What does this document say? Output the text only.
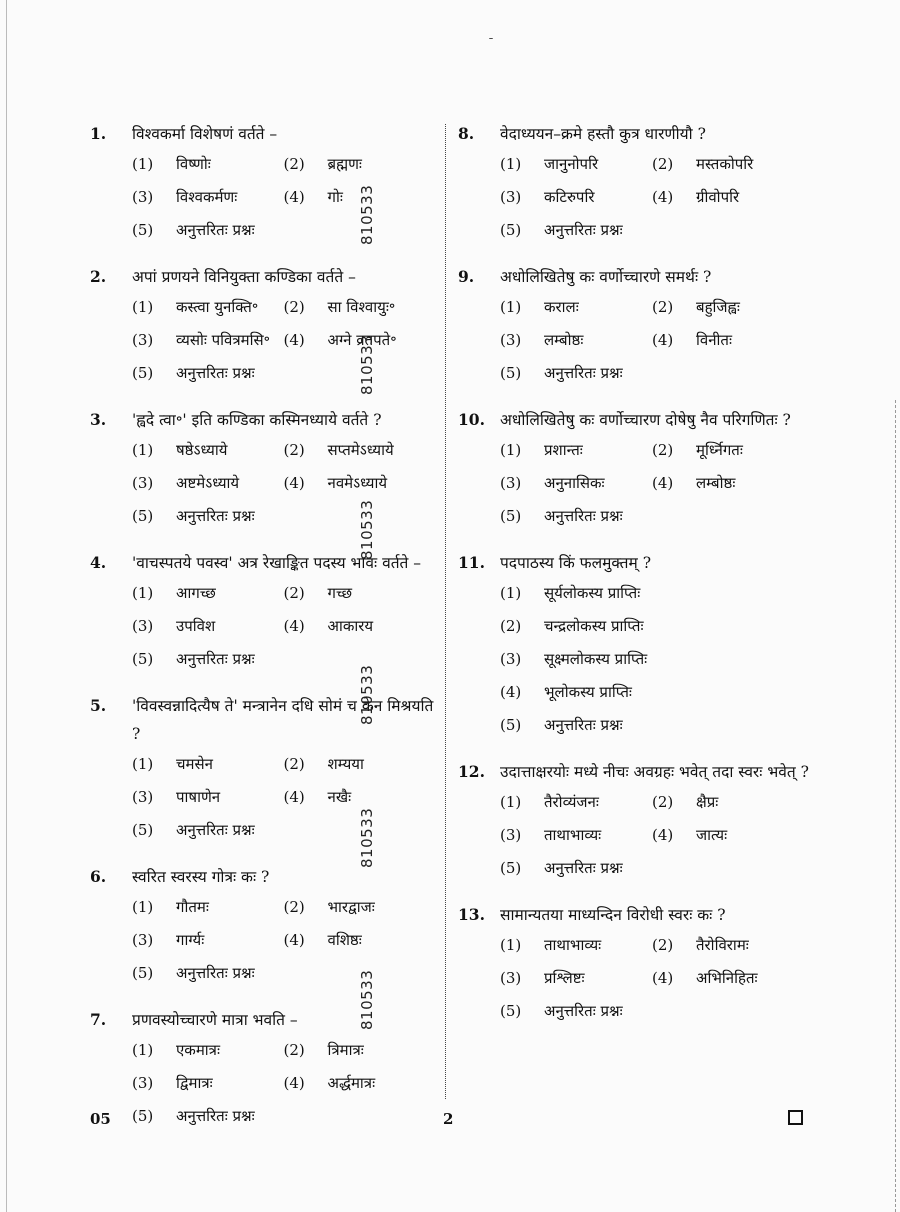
1.	विश्वकर्मा विशेषणं वर्तते –
(1)	विष्णोः	(2)	ब्रह्मणः
(3)	विश्वकर्मणः	(4)	गोः
(5)	अनुत्तरितः प्रश्नः
2.	अपां प्रणयने विनियुक्ता कण्डिका वर्तते –
(1)	कस्त्वा युनक्ति॰	(2)	सा विश्वायुः॰
(3)	व्यसोः पवित्रमसि॰ (4)	अग्ने व्रतपते॰
(5)	अनुत्तरितः प्रश्नः
3.	'ह्वदे त्वा॰' इति कण्डिका कस्मिनध्याये वर्तते ?
(1)	षष्ठेऽध्याये	(2)	सप्तमेऽध्याये
(3)	अष्टमेऽध्याये	(4)	नवमेऽध्याये
(5)	अनुत्तरितः प्रश्नः
4.	'वाचस्पतये पवस्व' अत्र रेखाङ्कित पदस्य भावः वर्तते –
(1)	आगच्छ	(2)	गच्छ
(3)	उपविश	(4)	आकारय
(5)	अनुत्तरितः प्रश्नः
5.	'विवस्वन्नादित्यैष ते' मन्त्रानेन दधि सोमं च केन मिश्रयति ?
(1)	चमसेन	(2)	शम्यया
(3)	पाषाणेन	(4)	नखैः
(5)	अनुत्तरितः प्रश्नः
6.	स्वरित स्वरस्य गोत्रः कः ?
(1)	गौतमः	(2)	भारद्वाजः
(3)	गार्ग्यः	(4)	वशिष्ठः
(5)	अनुत्तरितः प्रश्नः
7.	प्रणवस्योच्चारणे मात्रा भवति –
(1)	एकमात्रः	(2)	त्रिमात्रः
(3)	द्विमात्रः	(4)	अर्द्धमात्रः
(5)	अनुत्तरितः प्रश्नः
8.	वेदाध्ययन–क्रमे हस्तौ कुत्र धारणीयौ ?
(1)	जानुनोपरि	(2)	मस्तकोपरि
(3)	कटिरुपरि	(4)	ग्रीवोपरि
(5)	अनुत्तरितः प्रश्नः
9.	अधोलिखितेषु कः वर्णोच्चारणे समर्थः ?
(1)	करालः	(2)	बहुजिह्वः
(3)	लम्बोष्ठः	(4)	विनीतः
(5)	अनुत्तरितः प्रश्नः
10. अधोलिखितेषु कः वर्णोच्चारण दोषेषु नैव परिगणितः ?
(1)	प्रशान्तः	(2)	मूर्ध्निगतः
(3)	अनुनासिकः	(4)	लम्बोष्ठः
(5)	अनुत्तरितः प्रश्नः
11. पदपाठस्य किं फलमुक्तम् ?
(1)	सूर्यलोकस्य प्राप्तिः
(2)	चन्द्रलोकस्य प्राप्तिः
(3)	सूक्ष्मलोकस्य प्राप्तिः
(4)	भूलोकस्य प्राप्तिः
(5)	अनुत्तरितः प्रश्नः
12. उदात्ताक्षरयोः मध्ये नीचः अवग्रहः भवेत् तदा स्वरः भवेत् ?
(1)	तैरोव्यंजनः	(2)	क्षैप्रः
(3)	ताथाभाव्यः	(4)	जात्यः
(5)	अनुत्तरितः प्रश्नः
13. सामान्यतया माध्यन्दिन विरोधी स्वरः कः ?
(1)	ताथाभाव्यः	(2)	तैरोविरामः
(3)	प्रश्लिष्टः	(4)	अभिनिहितः
(5)	अनुत्तरितः प्रश्नः
810533
810533
810533
810533
810533
810533
ˉ
05	2
